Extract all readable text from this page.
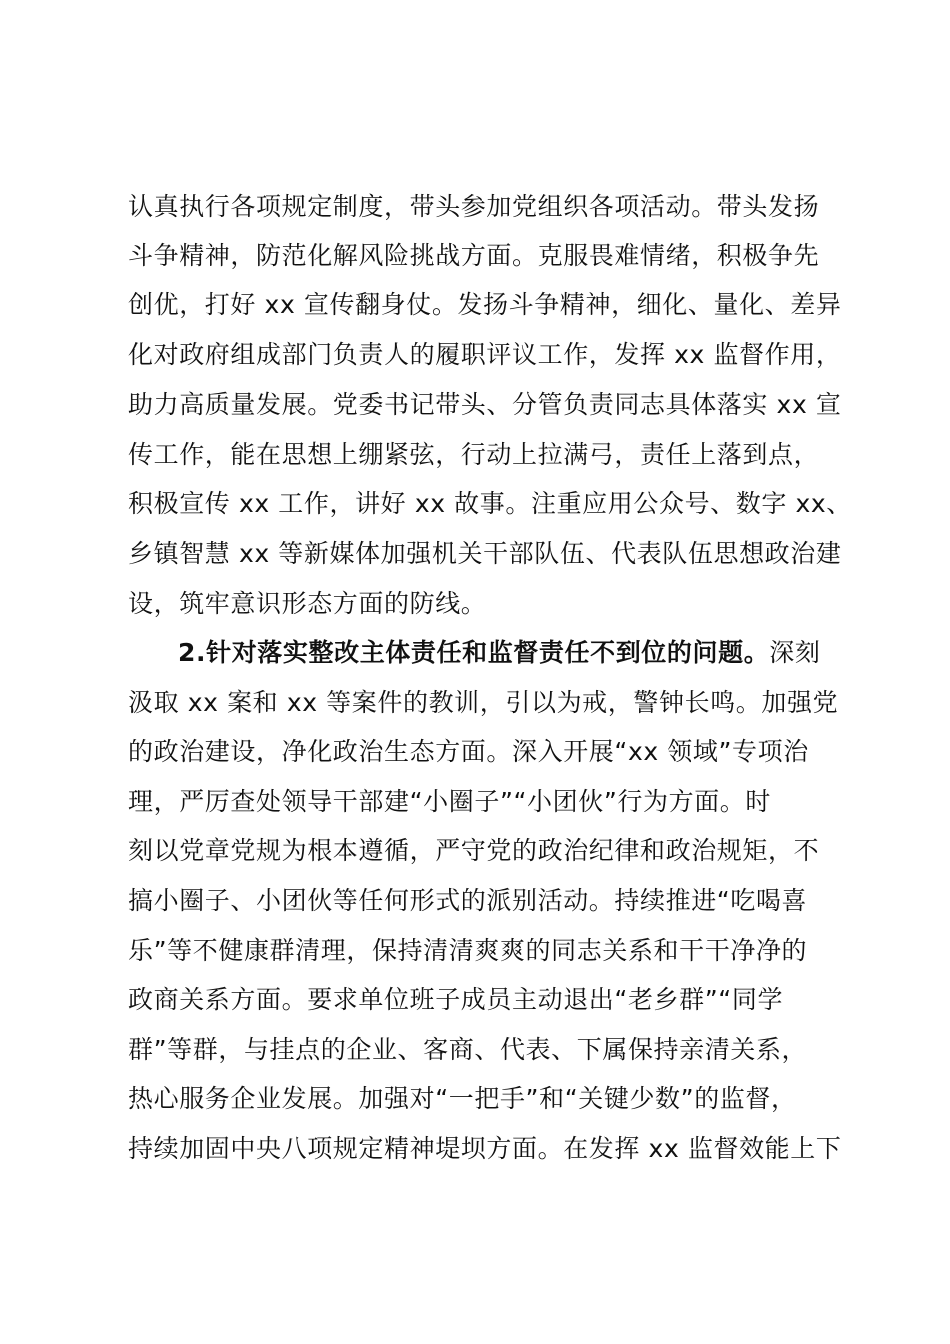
认真执行各项规定制度，带头参加党组织各项活动。带头发扬
斗争精神，防范化解风险挑战方面。克服畏难情绪，积极争先
创优，打好 xx 宣传翻身仗。发扬斗争精神，细化、量化、差异
化对政府组成部门负责人的履职评议工作，发挥 xx 监督作用，
助力高质量发展。党委书记带头、分管负责同志具体落实 xx 宣
传工作，能在思想上绷紧弦，行动上拉满弓，责任上落到点，
积极宣传 xx 工作，讲好 xx 故事。注重应用公众号、数字 xx、
乡镇智慧 xx 等新媒体加强机关干部队伍、代表队伍思想政治建
设，筑牢意识形态方面的防线。
2.针对落实整改主体责任和监督责任不到位的问题。深刻
汲取 xx 案和 xx 等案件的教训，引以为戒，警钟长鸣。加强党
的政治建设，净化政治生态方面。深入开展“xx 领域”专项治
理，严厉查处领导干部建“小圈子”“小团伙”行为方面。时
刻以党章党规为根本遵循，严守党的政治纪律和政治规矩，不
搞小圈子、小团伙等任何形式的派别活动。持续推进“吃喝喜
乐”等不健康群清理，保持清清爽爽的同志关系和干干净净的
政商关系方面。要求单位班子成员主动退出“老乡群”“同学
群”等群，与挂点的企业、客商、代表、下属保持亲清关系，
热心服务企业发展。加强对“一把手”和“关键少数”的监督，
持续加固中央八项规定精神堤坝方面。在发挥 xx 监督效能上下
